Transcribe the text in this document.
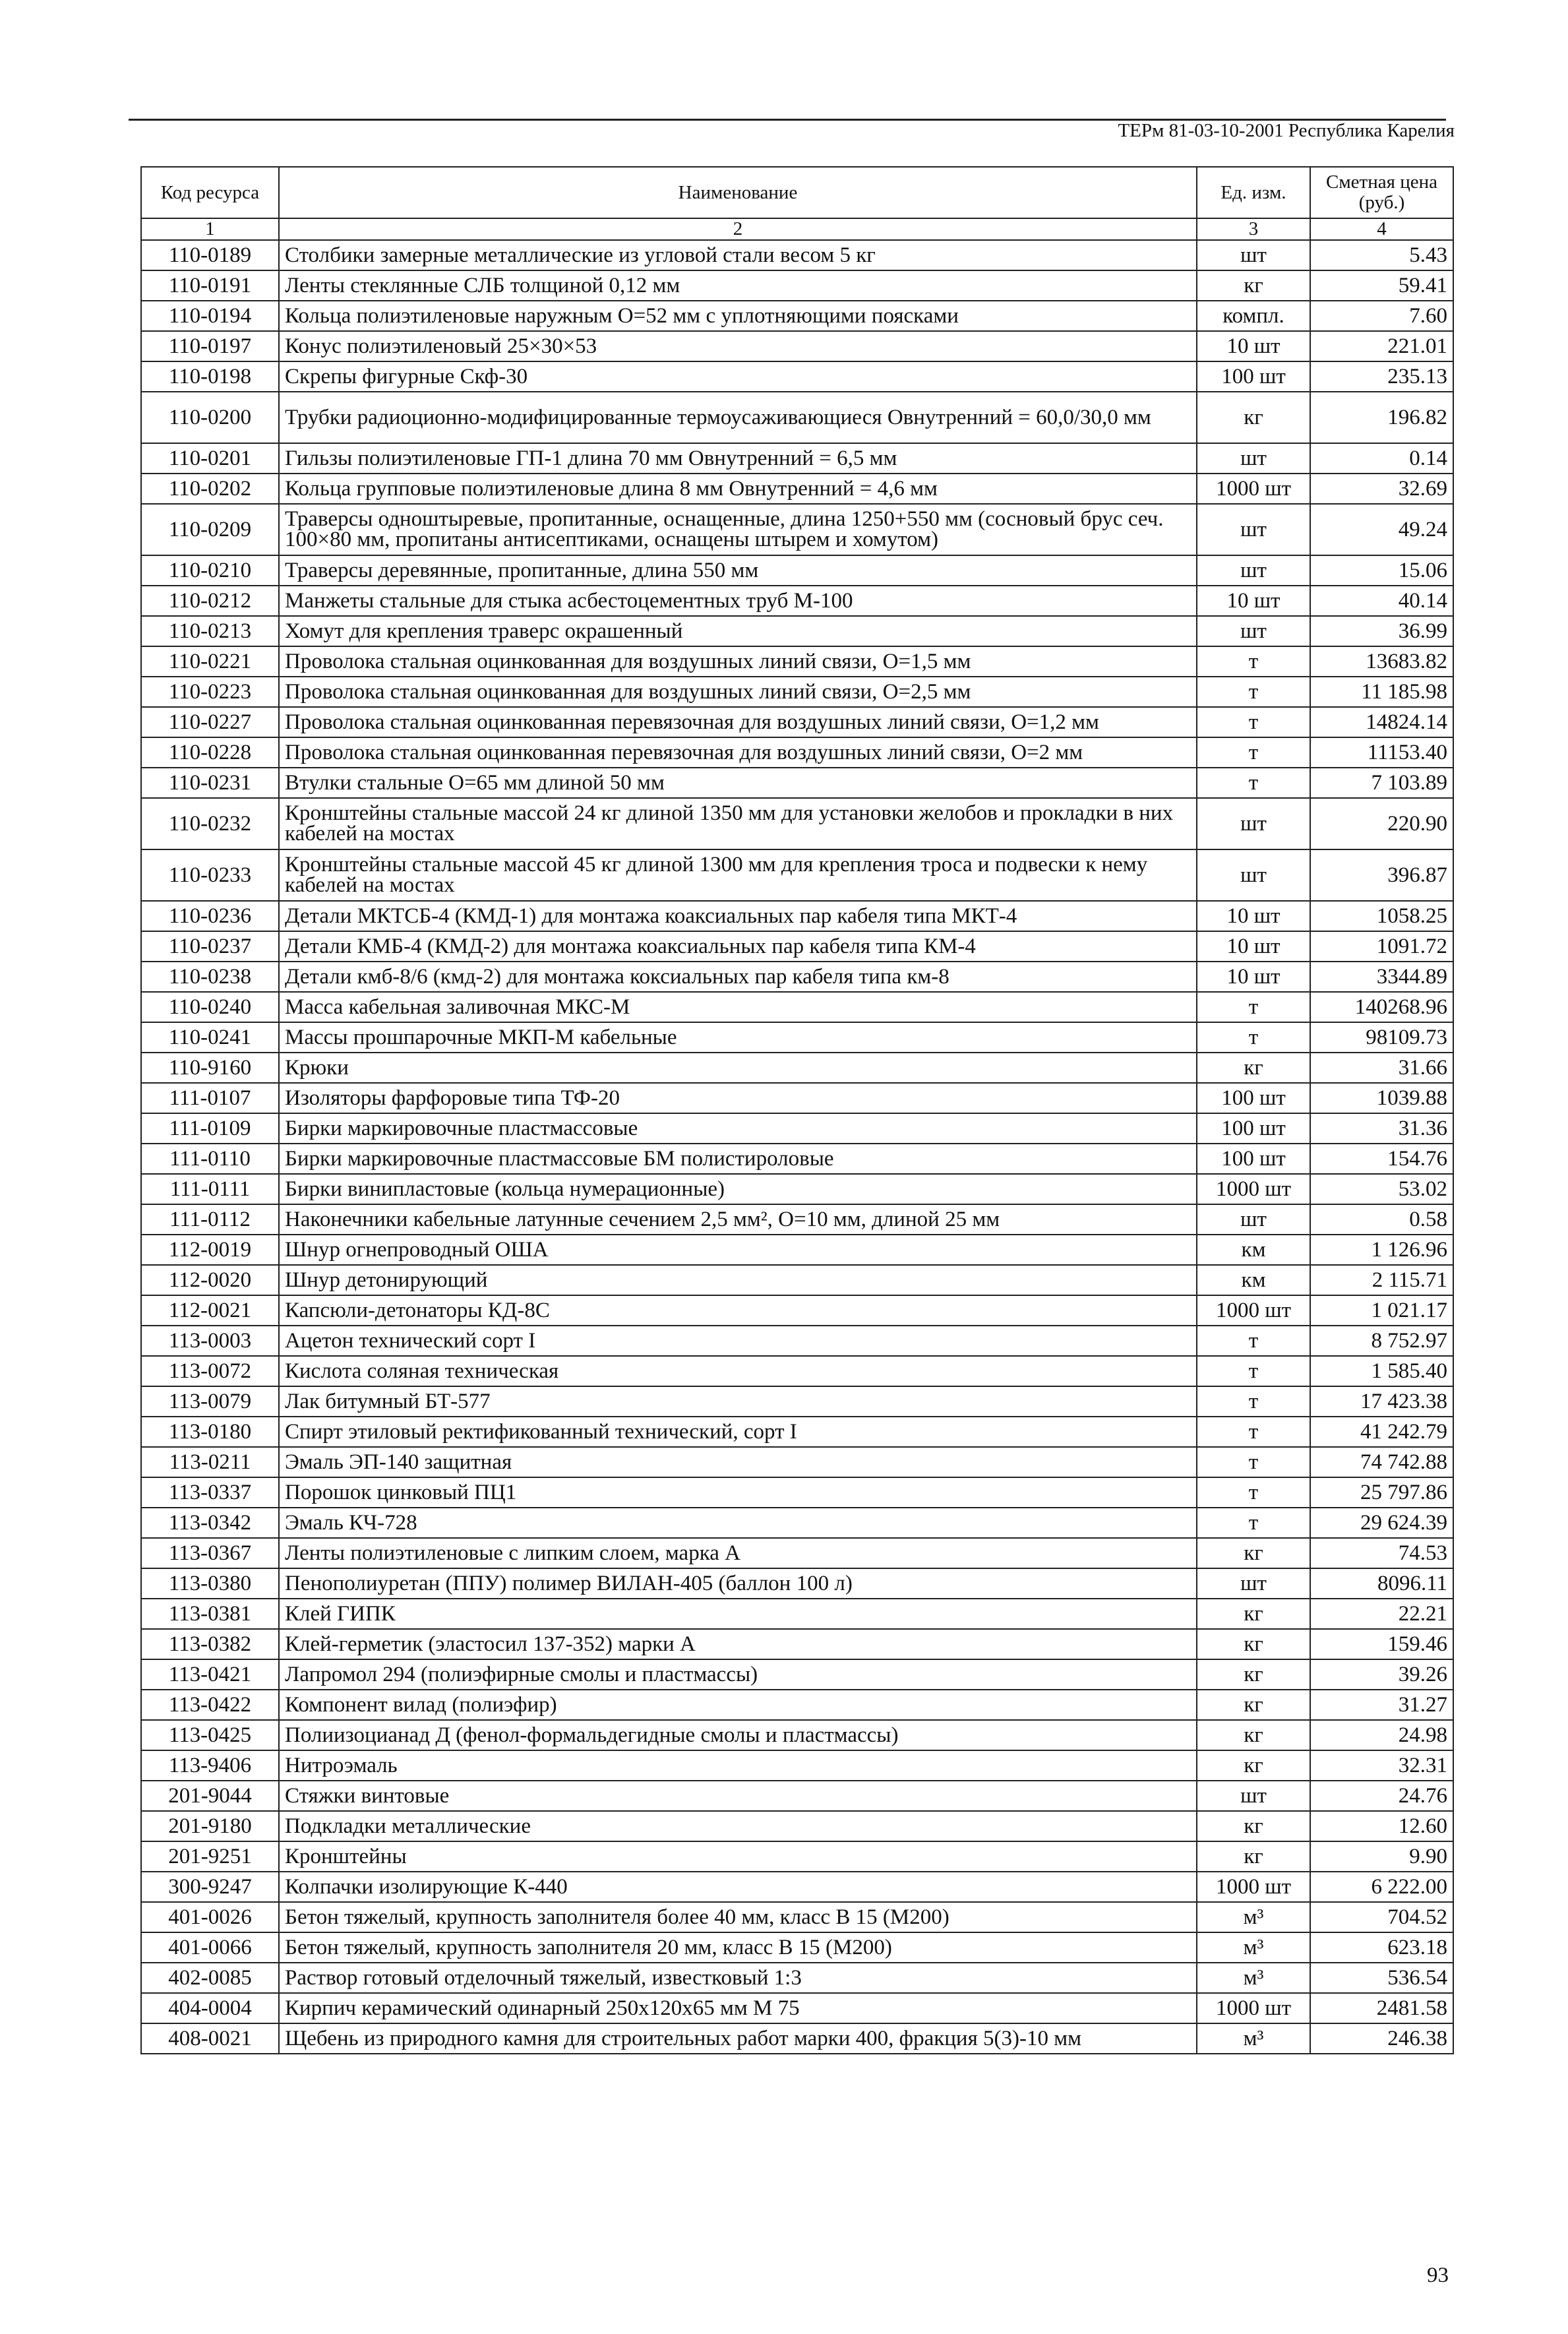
ТЕРм 81-03-10-2001 Республика Карелия
Код ресурса	Наименование	Ед. изм.	Сметная цена (руб.)
1	2	3	4
110-0189	Столбики замерные металлические из угловой стали весом 5 кг	шт	5.43
110-0191	Ленты стеклянные СЛБ толщиной 0,12 мм	кг	59.41
110-0194	Кольца полиэтиленовые наружным O=52 мм с уплотняющими поясками	компл.	7.60
110-0197	Конус полиэтиленовый 25×30×53	10 шт	221.01
110-0198	Скрепы фигурные Скф-30	100 шт	235.13
110-0200	Трубки радиоционно-модифицированные термоусаживающиеся Oвнутренний = 60,0/30,0 мм	кг	196.82
110-0201	Гильзы полиэтиленовые ГП-1 длина 70 мм Oвнутренний = 6,5 мм	шт	0.14
110-0202	Кольца групповые полиэтиленовые длина 8 мм Oвнутренний = 4,6 мм	1000 шт	32.69
110-0209	Траверсы одноштыревые, пропитанные, оснащенные, длина 1250+550 мм (сосновый брус сеч. 100×80 мм, пропитаны антисептиками, оснащены штырем и хомутом)	шт	49.24
110-0210	Траверсы деревянные, пропитанные, длина 550 мм	шт	15.06
110-0212	Манжеты стальные для стыка асбестоцементных труб М-100	10 шт	40.14
110-0213	Хомут для крепления траверс окрашенный	шт	36.99
110-0221	Проволока стальная оцинкованная для воздушных линий связи, O=1,5 мм	т	13683.82
110-0223	Проволока стальная оцинкованная для воздушных линий связи, O=2,5 мм	т	11 185.98
110-0227	Проволока стальная оцинкованная перевязочная для воздушных линий связи, O=1,2 мм	т	14824.14
110-0228	Проволока стальная оцинкованная перевязочная для воздушных линий связи, O=2 мм	т	11153.40
110-0231	Втулки стальные O=65 мм длиной 50 мм	т	7 103.89
110-0232	Кронштейны стальные массой 24 кг длиной 1350 мм для установки желобов и прокладки в них кабелей на мостах	шт	220.90
110-0233	Кронштейны стальные массой 45 кг длиной 1300 мм для крепления троса и подвески к нему кабелей на мостах	шт	396.87
110-0236	Детали МКТСБ-4 (КМД-1) для монтажа коаксиальных пар кабеля типа МКТ-4	10 шт	1058.25
110-0237	Детали КМБ-4 (КМД-2) для монтажа коаксиальных пар кабеля типа КМ-4	10 шт	1091.72
110-0238	Детали кмб-8/6 (кмд-2) для монтажа коксиальных пар кабеля типа км-8	10 шт	3344.89
110-0240	Масса кабельная заливочная МКС-М	т	140268.96
110-0241	Массы прошпарочные МКП-М кабельные	т	98109.73
110-9160	Крюки	кг	31.66
111-0107	Изоляторы фарфоровые типа ТФ-20	100 шт	1039.88
111-0109	Бирки маркировочные пластмассовые	100 шт	31.36
111-0110	Бирки маркировочные пластмассовые БМ полистироловые	100 шт	154.76
111-0111	Бирки винипластовые (кольца нумерационные)	1000 шт	53.02
111-0112	Наконечники кабельные латунные сечением 2,5 мм², O=10 мм, длиной 25 мм	шт	0.58
112-0019	Шнур огнепроводный ОША	км	1 126.96
112-0020	Шнур детонирующий	км	2 115.71
112-0021	Капсюли-детонаторы КД-8С	1000 шт	1 021.17
113-0003	Ацетон технический сорт I	т	8 752.97
113-0072	Кислота соляная техническая	т	1 585.40
113-0079	Лак битумный БТ-577	т	17 423.38
113-0180	Спирт этиловый ректификованный технический, сорт I	т	41 242.79
113-0211	Эмаль ЭП-140 защитная	т	74 742.88
113-0337	Порошок цинковый ПЦ1	т	25 797.86
113-0342	Эмаль КЧ-728	т	29 624.39
113-0367	Ленты полиэтиленовые с липким слоем, марка А	кг	74.53
113-0380	Пенополиуретан (ППУ) полимер ВИЛАН-405 (баллон 100 л)	шт	8096.11
113-0381	Клей ГИПК	кг	22.21
113-0382	Клей-герметик (эластосил 137-352) марки А	кг	159.46
113-0421	Лапромол 294 (полиэфирные смолы и пластмассы)	кг	39.26
113-0422	Компонент вилад (полиэфир)	кг	31.27
113-0425	Полиизоцианад Д (фенол-формальдегидные смолы и пластмассы)	кг	24.98
113-9406	Нитроэмаль	кг	32.31
201-9044	Стяжки винтовые	шт	24.76
201-9180	Подкладки металлические	кг	12.60
201-9251	Кронштейны	кг	9.90
300-9247	Колпачки изолирующие К-440	1000 шт	6 222.00
401-0026	Бетон тяжелый, крупность заполнителя более 40 мм, класс В 15 (М200)	м³	704.52
401-0066	Бетон тяжелый, крупность заполнителя 20 мм, класс В 15 (М200)	м³	623.18
402-0085	Раствор готовый отделочный тяжелый, известковый 1:3	м³	536.54
404-0004	Кирпич керамический одинарный 250х120х65 мм М 75	1000 шт	2481.58
408-0021	Щебень из природного камня для строительных работ марки 400, фракция 5(3)-10 мм	м³	246.38
93
